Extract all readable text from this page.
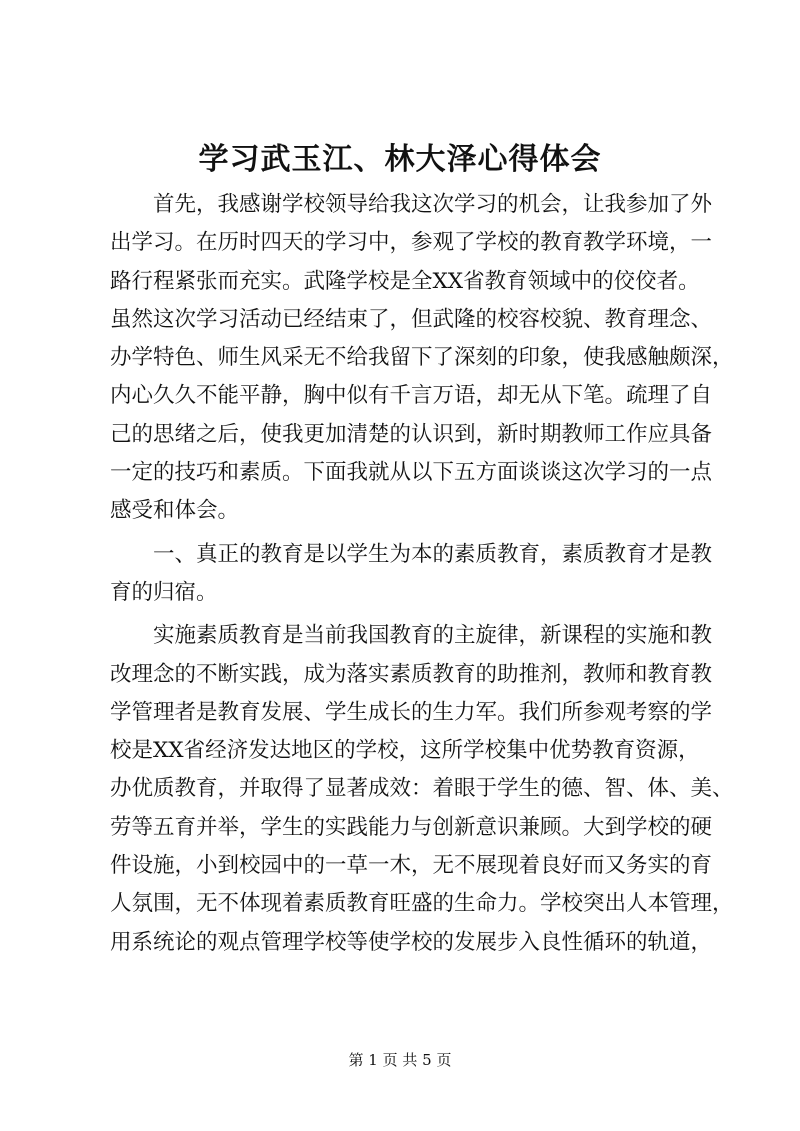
学习武玉江、林大泽心得体会
首先，我感谢学校领导给我这次学习的机会，让我参加了外
出学习。在历时四天的学习中，参观了学校的教育教学环境，一
路行程紧张而充实。武隆学校是全XX省教育领域中的佼佼者。
虽然这次学习活动已经结束了，但武隆的校容校貌、教育理念、
办学特色、师生风采无不给我留下了深刻的印象，使我感触颇深，
内心久久不能平静，胸中似有千言万语，却无从下笔。疏理了自
己的思绪之后，使我更加清楚的认识到，新时期教师工作应具备
一定的技巧和素质。下面我就从以下五方面谈谈这次学习的一点
感受和体会。
一、真正的教育是以学生为本的素质教育，素质教育才是教
育的归宿。
实施素质教育是当前我国教育的主旋律，新课程的实施和教
改理念的不断实践，成为落实素质教育的助推剂，教师和教育教
学管理者是教育发展、学生成长的生力军。我们所参观考察的学
校是XX省经济发达地区的学校，这所学校集中优势教育资源，
办优质教育，并取得了显著成效：着眼于学生的德、智、体、美、
劳等五育并举，学生的实践能力与创新意识兼顾。大到学校的硬
件设施，小到校园中的一草一木，无不展现着良好而又务实的育
人氛围，无不体现着素质教育旺盛的生命力。学校突出人本管理，
用系统论的观点管理学校等使学校的发展步入良性循环的轨道，
第 1 页 共 5 页
